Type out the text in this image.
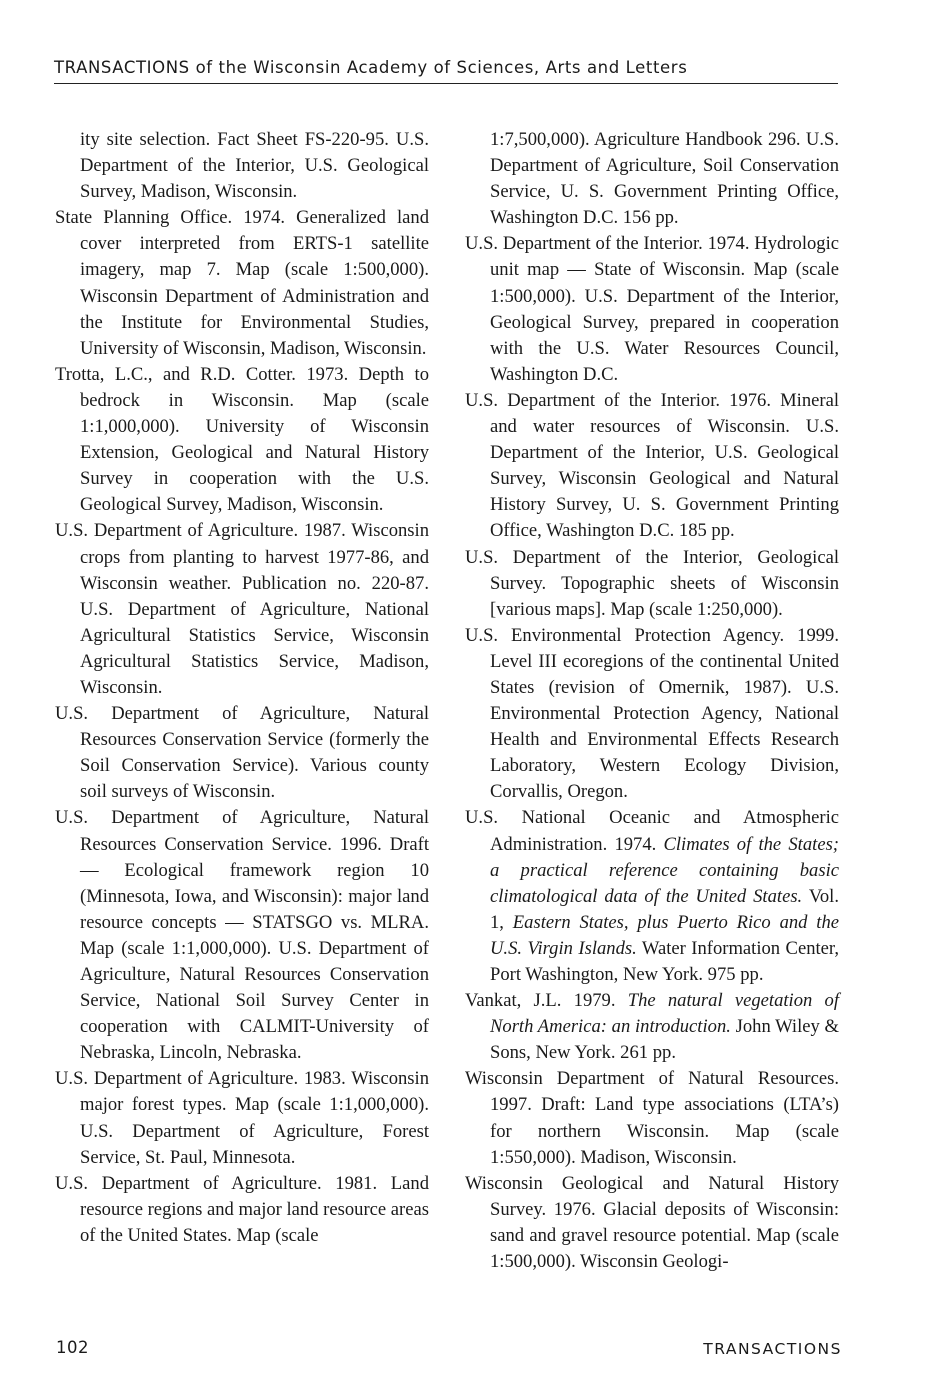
TRANSACTIONS of the Wisconsin Academy of Sciences, Arts and Letters

ity site selection. Fact Sheet FS-220-95. U.S. Department of the Interior, U.S. Geological Survey, Madison, Wisconsin.

State Planning Office. 1974. Generalized land cover interpreted from ERTS-1 satellite imagery, map 7. Map (scale 1:500,000). Wisconsin Department of Administration and the Institute for Environmental Studies, University of Wisconsin, Madison, Wisconsin.

Trotta, L.C., and R.D. Cotter. 1973. Depth to bedrock in Wisconsin. Map (scale 1:1,000,000). University of Wisconsin Extension, Geological and Natural History Survey in cooperation with the U.S. Geological Survey, Madison, Wisconsin.

U.S. Department of Agriculture. 1987. Wisconsin crops from planting to harvest 1977-86, and Wisconsin weather. Publication no. 220-87. U.S. Department of Agriculture, National Agricultural Statistics Service, Wisconsin Agricultural Statistics Service, Madison, Wisconsin.

U.S. Department of Agriculture, Natural Resources Conservation Service (formerly the Soil Conservation Service). Various county soil surveys of Wisconsin.

U.S. Department of Agriculture, Natural Resources Conservation Service. 1996. Draft — Ecological framework region 10 (Minnesota, Iowa, and Wisconsin): major land resource concepts — STATSGO vs. MLRA. Map (scale 1:1,000,000). U.S. Department of Agriculture, Natural Resources Conservation Service, National Soil Survey Center in cooperation with CALMIT-University of Nebraska, Lincoln, Nebraska.

U.S. Department of Agriculture. 1983. Wisconsin major forest types. Map (scale 1:1,000,000). U.S. Department of Agriculture, Forest Service, St. Paul, Minnesota.

U.S. Department of Agriculture. 1981. Land resource regions and major land resource areas of the United States. Map (scale

1:7,500,000). Agriculture Handbook 296. U.S. Department of Agriculture, Soil Conservation Service, U. S. Government Printing Office, Washington D.C. 156 pp.

U.S. Department of the Interior. 1974. Hydrologic unit map — State of Wisconsin. Map (scale 1:500,000). U.S. Department of the Interior, Geological Survey, prepared in cooperation with the U.S. Water Resources Council, Washington D.C.

U.S. Department of the Interior. 1976. Mineral and water resources of Wisconsin. U.S. Department of the Interior, U.S. Geological Survey, Wisconsin Geological and Natural History Survey, U. S. Government Printing Office, Washington D.C. 185 pp.

U.S. Department of the Interior, Geological Survey. Topographic sheets of Wisconsin [various maps]. Map (scale 1:250,000).

U.S. Environmental Protection Agency. 1999. Level III ecoregions of the continental United States (revision of Omernik, 1987). U.S. Environmental Protection Agency, National Health and Environmental Effects Research Laboratory, Western Ecology Division, Corvallis, Oregon.

U.S. National Oceanic and Atmospheric Administration. 1974. Climates of the States; a practical reference containing basic climatological data of the United States. Vol. 1, Eastern States, plus Puerto Rico and the U.S. Virgin Islands. Water Information Center, Port Washington, New York. 975 pp.

Vankat, J.L. 1979. The natural vegetation of North America: an introduction. John Wiley & Sons, New York. 261 pp.

Wisconsin Department of Natural Resources. 1997. Draft: Land type associations (LTA’s) for northern Wisconsin. Map (scale 1:550,000). Madison, Wisconsin.

Wisconsin Geological and Natural History Survey. 1976. Glacial deposits of Wisconsin: sand and gravel resource potential. Map (scale 1:500,000). Wisconsin Geologi-

102	TRANSACTIONS
